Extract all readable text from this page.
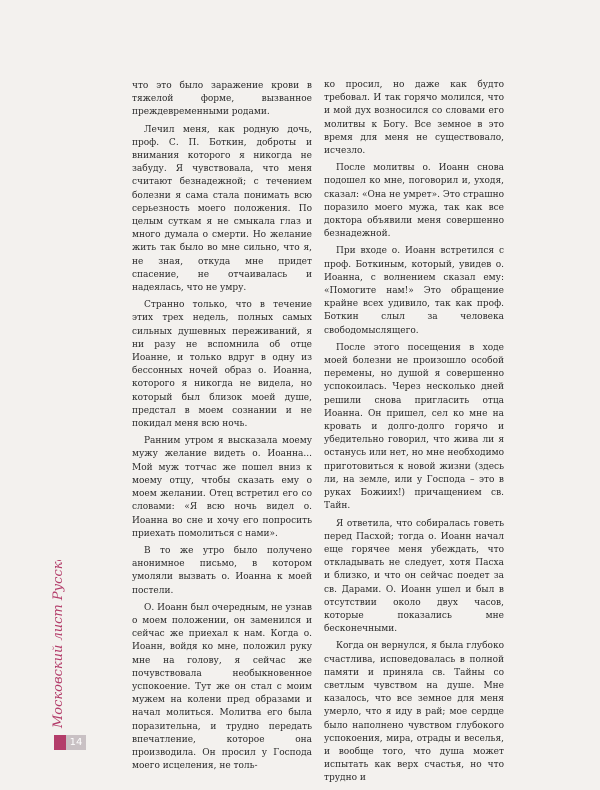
Московский лист Русской
14

что это было заражение крови в тяжелой форме, вызванное преждевременными родами.

Лечил меня, как родную дочь, проф. С. П. Боткин, доброты и внимания которого я никогда не забуду. Я чувствовала, что меня считают безнадежной; с течением болезни я сама стала понимать всю серьезность моего положения. По целым суткам я не смыкала глаз и много думала о смерти. Но желание жить так было во мне сильно, что я, не зная, откуда мне придет спасение, не отчаивалась и надеялась, что не умру.

Странно только, что в течение этих трех недель, полных самых сильных душевных переживаний, я ни разу не вспомнила об отце Иоанне, и только вдруг в одну из бессонных ночей образ о. Иоанна, которого я никогда не видела, но который был близок моей душе, предстал в моем сознании и не покидал меня всю ночь.

Ранним утром я высказала моему мужу желание видеть о. Иоанна... Мой муж тотчас же пошел вниз к моему отцу, чтобы сказать ему о моем желании. Отец встретил его со словами: «Я всю ночь видел о. Иоанна во сне и хочу его попросить приехать помолиться с нами».

В то же утро было получено анонимное письмо, в котором умоляли вызвать о. Иоанна к моей постели.

О. Иоанн был очередным, не узнав о моем положении, он заменился и сейчас же приехал к нам. Когда о. Иоанн, войдя ко мне, положил руку мне на голову, я сейчас же почувствовала необыкновенное успокоение. Тут же он стал с моим мужем на колени пред образами и начал молиться. Молитва его была поразительна, и трудно передать впечатление, которое она производила. Он просил у Господа моего исцеления, не толь-

ко просил, но даже как будто требовал. И так горячо молился, что и мой дух возносился со словами его молитвы к Богу. Все земное в это время для меня не существовало, исчезло.

После молитвы о. Иоанн снова подошел ко мне, поговорил и, уходя, сказал: «Она не умрет». Это страшно поразило моего мужа, так как все доктора объявили меня совершенно безнадежной.

При входе о. Иоанн встретился с проф. Боткиным, который, увидев о. Иоанна, с волнением сказал ему: «Помогите нам!» Это обращение крайне всех удивило, так как проф. Боткин слыл за человека свободомыслящего.

После этого посещения в ходе моей болезни не произошло особой перемены, но душой я совершенно успокоилась. Через несколько дней решили снова пригласить отца Иоанна. Он пришел, сел ко мне на кровать и долго-долго горячо и убедительно говорил, что жива ли я останусь или нет, но мне необходимо приготовиться к новой жизни (здесь ли, на земле, или у Господа – это в руках Божиих!) причащением св. Тайн.

Я ответила, что собиралась говеть перед Пасхой; тогда о. Иоанн начал еще горячее меня убеждать, что откладывать не следует, хотя Пасха и близко, и что он сейчас поедет за св. Дарами. О. Иоанн ушел и был в отсутствии около двух часов, которые показались мне бесконечными.

Когда он вернулся, я была глубоко счастлива, исповедовалась в полной памяти и приняла св. Тайны со светлым чувством на душе. Мне казалось, что все земное для меня умерло, что я иду в рай; мое сердце было наполнено чувством глубокого успокоения, мира, отрады и веселья, и вообще того, что душа может испытать как верх счастья, но что трудно и
